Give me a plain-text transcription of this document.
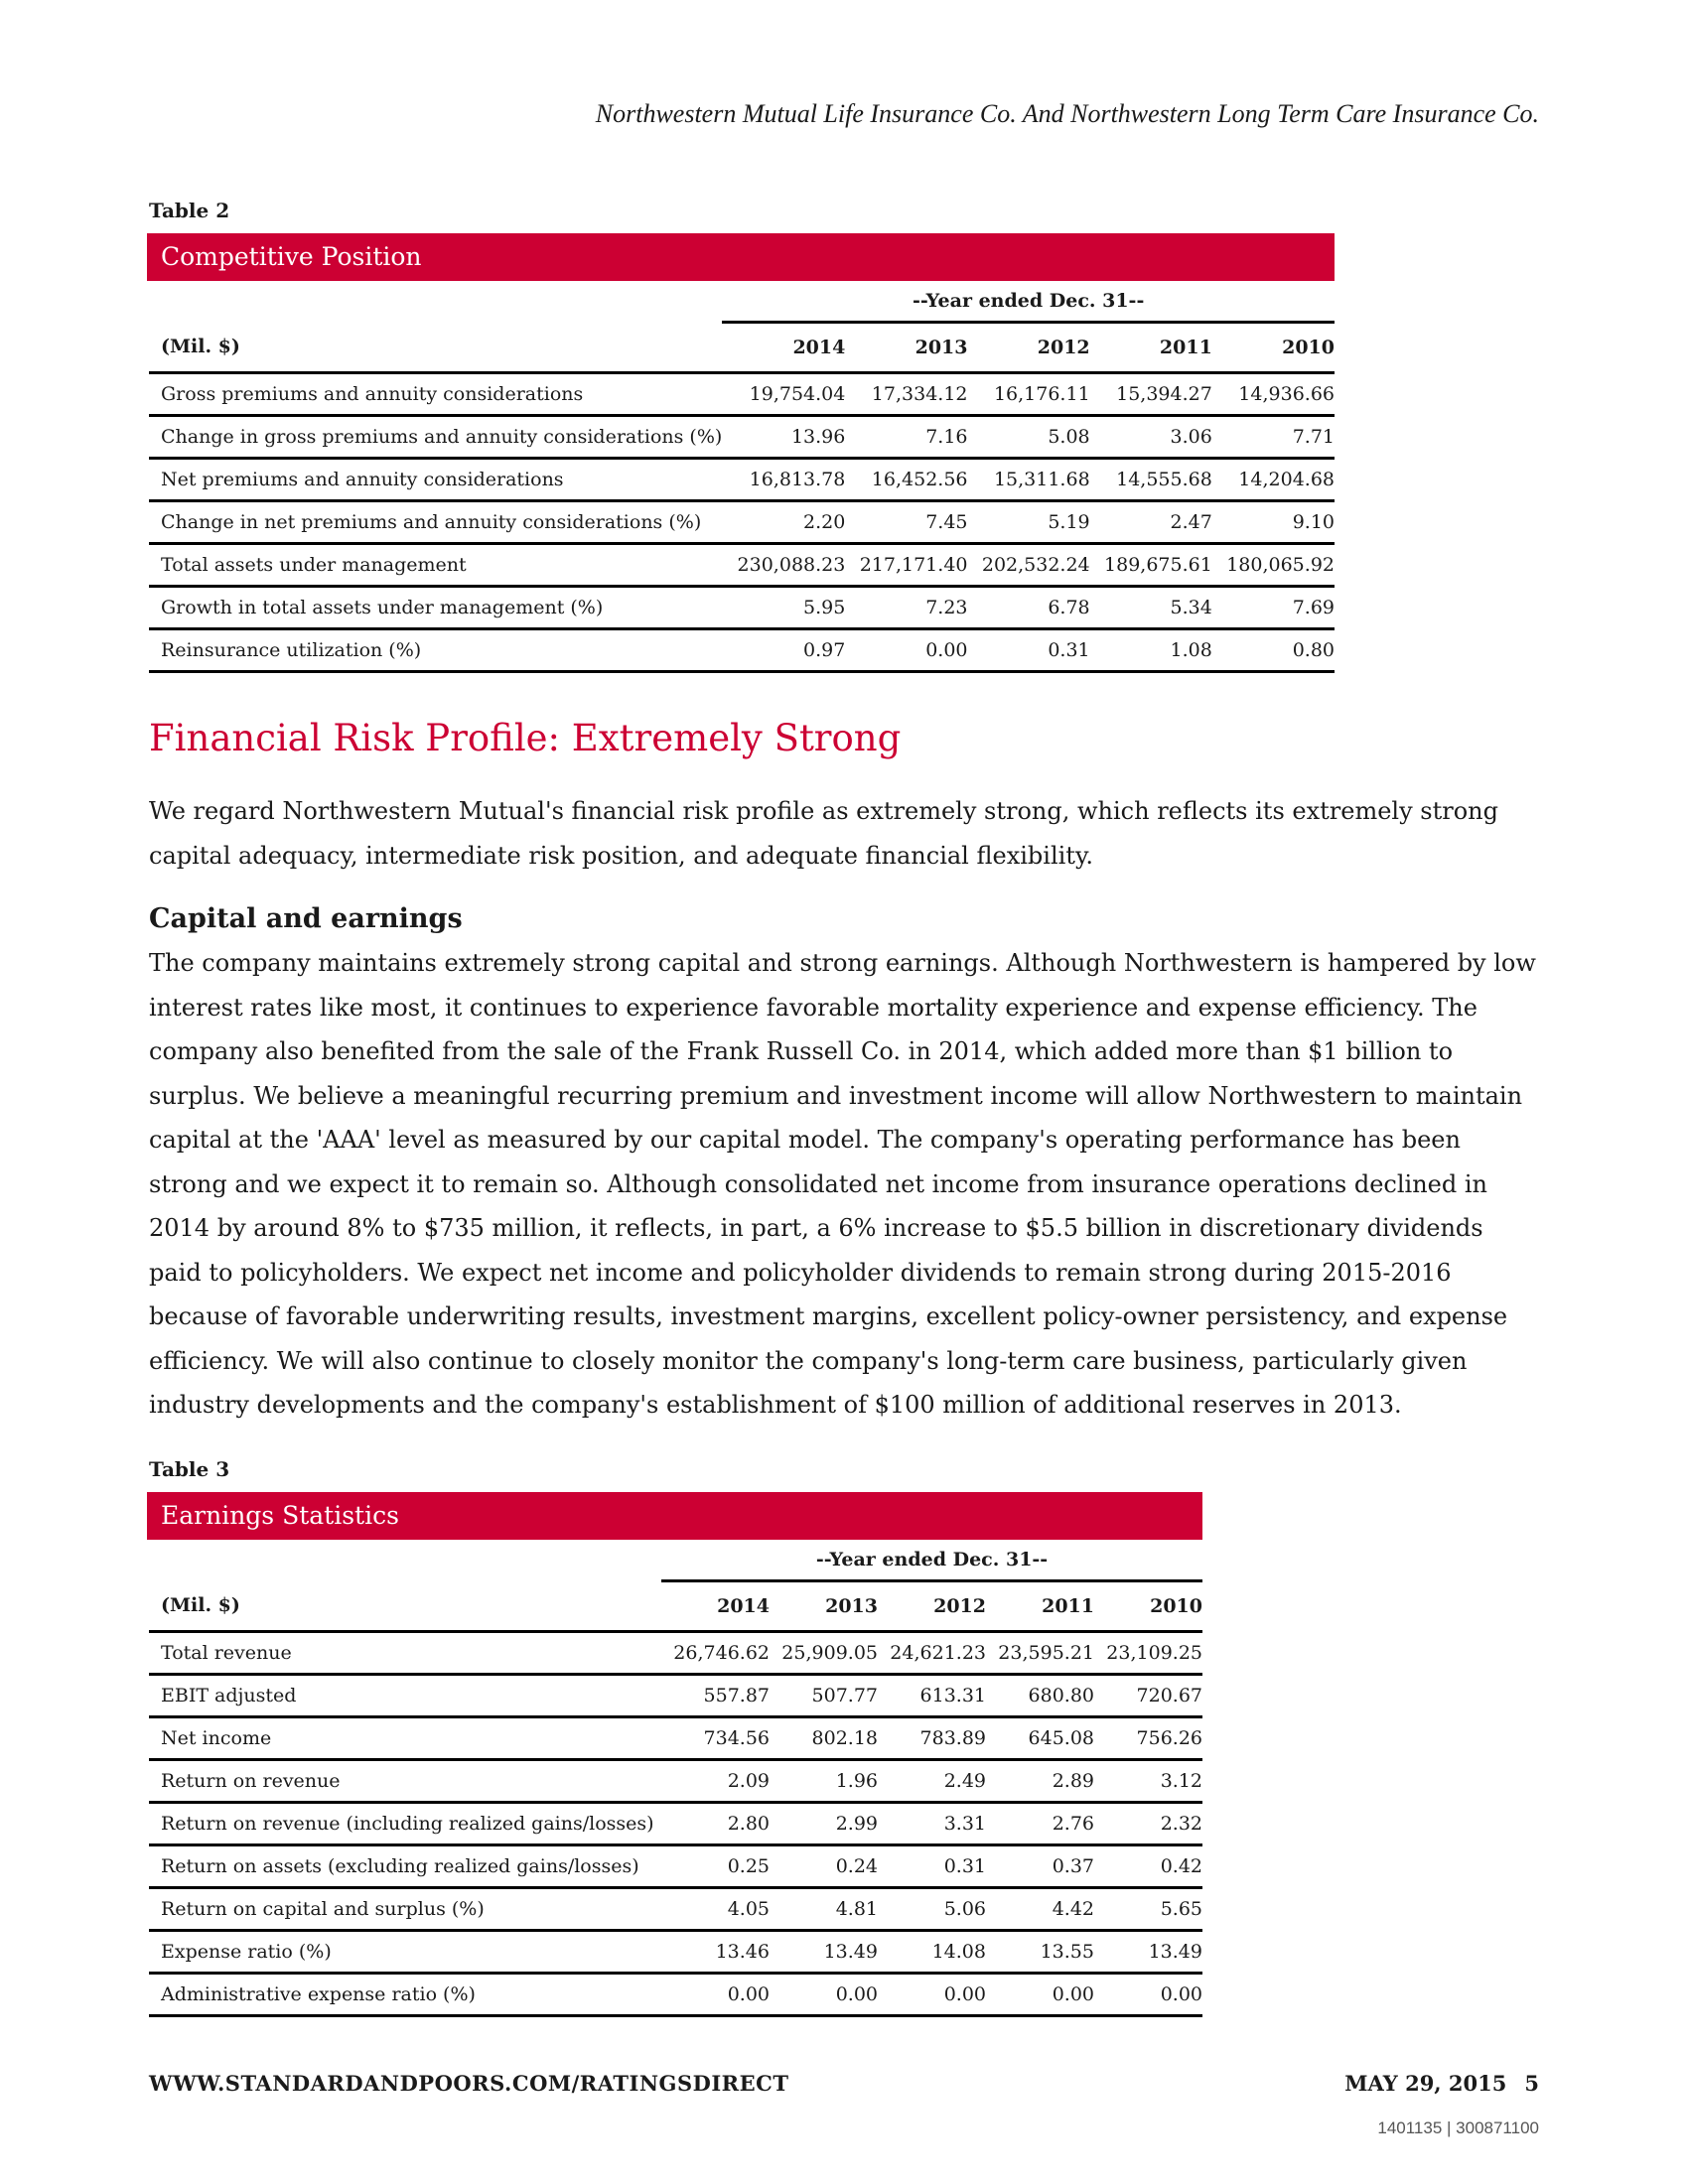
Northwestern Mutual Life Insurance Co. And Northwestern Long Term Care Insurance Co.
Table 2
Competitive Position
	--Year ended Dec. 31--				
(Mil. $)	2014	2013	2012	2011	2010
Gross premiums and annuity considerations	19,754.04	17,334.12	16,176.11	15,394.27	14,936.66
Change in gross premiums and annuity considerations (%)	13.96	7.16	5.08	3.06	7.71
Net premiums and annuity considerations	16,813.78	16,452.56	15,311.68	14,555.68	14,204.68
Change in net premiums and annuity considerations (%)	2.20	7.45	5.19	2.47	9.10
Total assets under management	230,088.23	217,171.40	202,532.24	189,675.61	180,065.92
Growth in total assets under management (%)	5.95	7.23	6.78	5.34	7.69
Reinsurance utilization (%)	0.97	0.00	0.31	1.08	0.80
Financial Risk Profile: Extremely Strong
We regard Northwestern Mutual's financial risk profile as extremely strong, which reflects its extremely strong capital adequacy, intermediate risk position, and adequate financial flexibility.
Capital and earnings
The company maintains extremely strong capital and strong earnings. Although Northwestern is hampered by low interest rates like most, it continues to experience favorable mortality experience and expense efficiency. The company also benefited from the sale of the Frank Russell Co. in 2014, which added more than $1 billion to surplus. We believe a meaningful recurring premium and investment income will allow Northwestern to maintain capital at the 'AAA' level as measured by our capital model. The company's operating performance has been strong and we expect it to remain so. Although consolidated net income from insurance operations declined in 2014 by around 8% to $735 million, it reflects, in part, a 6% increase to $5.5 billion in discretionary dividends paid to policyholders. We expect net income and policyholder dividends to remain strong during 2015-2016 because of favorable underwriting results, investment margins, excellent policy-owner persistency, and expense efficiency. We will also continue to closely monitor the company's long-term care business, particularly given industry developments and the company's establishment of $100 million of additional reserves in 2013.
Table 3
Earnings Statistics
	--Year ended Dec. 31--				
(Mil. $)	2014	2013	2012	2011	2010
Total revenue	26,746.62	25,909.05	24,621.23	23,595.21	23,109.25
EBIT adjusted	557.87	507.77	613.31	680.80	720.67
Net income	734.56	802.18	783.89	645.08	756.26
Return on revenue	2.09	1.96	2.49	2.89	3.12
Return on revenue (including realized gains/losses)	2.80	2.99	3.31	2.76	2.32
Return on assets (excluding realized gains/losses)	0.25	0.24	0.31	0.37	0.42
Return on capital and surplus (%)	4.05	4.81	5.06	4.42	5.65
Expense ratio (%)	13.46	13.49	14.08	13.55	13.49
Administrative expense ratio (%)	0.00	0.00	0.00	0.00	0.00
WWW.STANDARDANDPOORS.COM/RATINGSDIRECT	MAY 29, 2015 5
1401135 | 300871100
